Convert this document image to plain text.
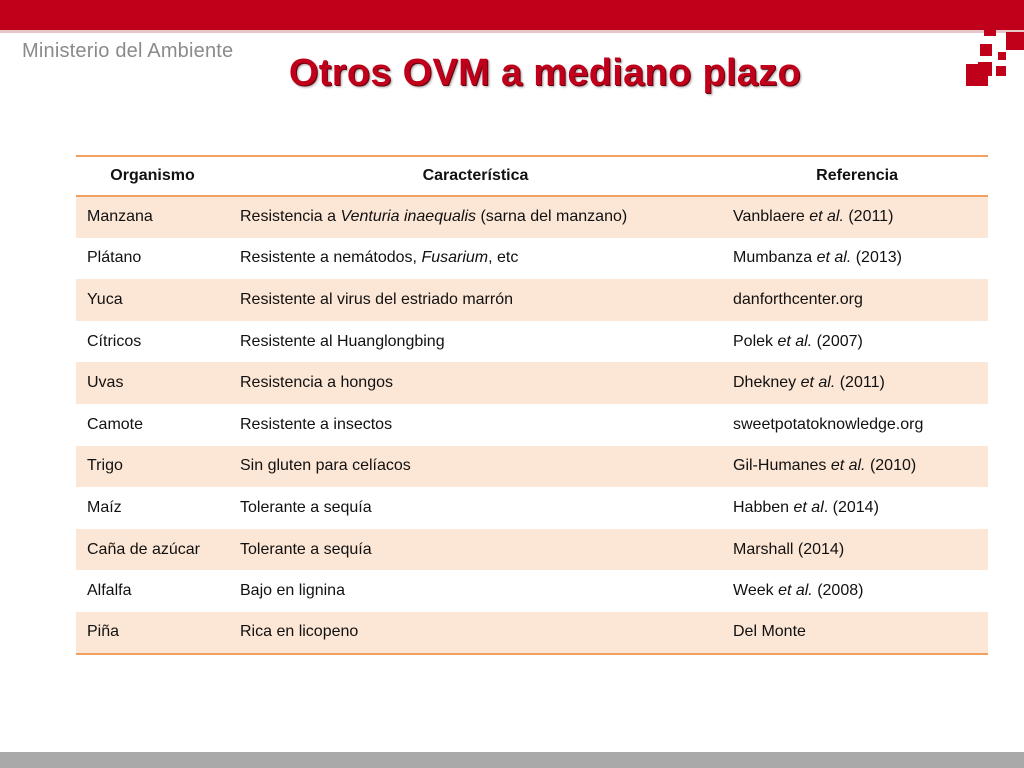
Ministerio del Ambiente
Otros OVM a mediano plazo
Organismo	Característica	Referencia
Manzana	Resistencia a Venturia inaequalis (sarna del manzano)	Vanblaere et al. (2011)
Plátano	Resistente a nemátodos, Fusarium, etc	Mumbanza et al. (2013)
Yuca	Resistente al virus del estriado marrón	danforthcenter.org
Cítricos	Resistente al Huanglongbing	Polek et al. (2007)
Uvas	Resistencia a hongos	Dhekney et al. (2011)
Camote	Resistente a insectos	sweetpotatoknowledge.org
Trigo	Sin gluten para celíacos	Gil-Humanes et al. (2010)
Maíz	Tolerante a sequía	Habben et al. (2014)
Caña de azúcar	Tolerante a sequía	Marshall (2014)
Alfalfa	Bajo en lignina	Week et al. (2008)
Piña	Rica en licopeno	Del Monte
